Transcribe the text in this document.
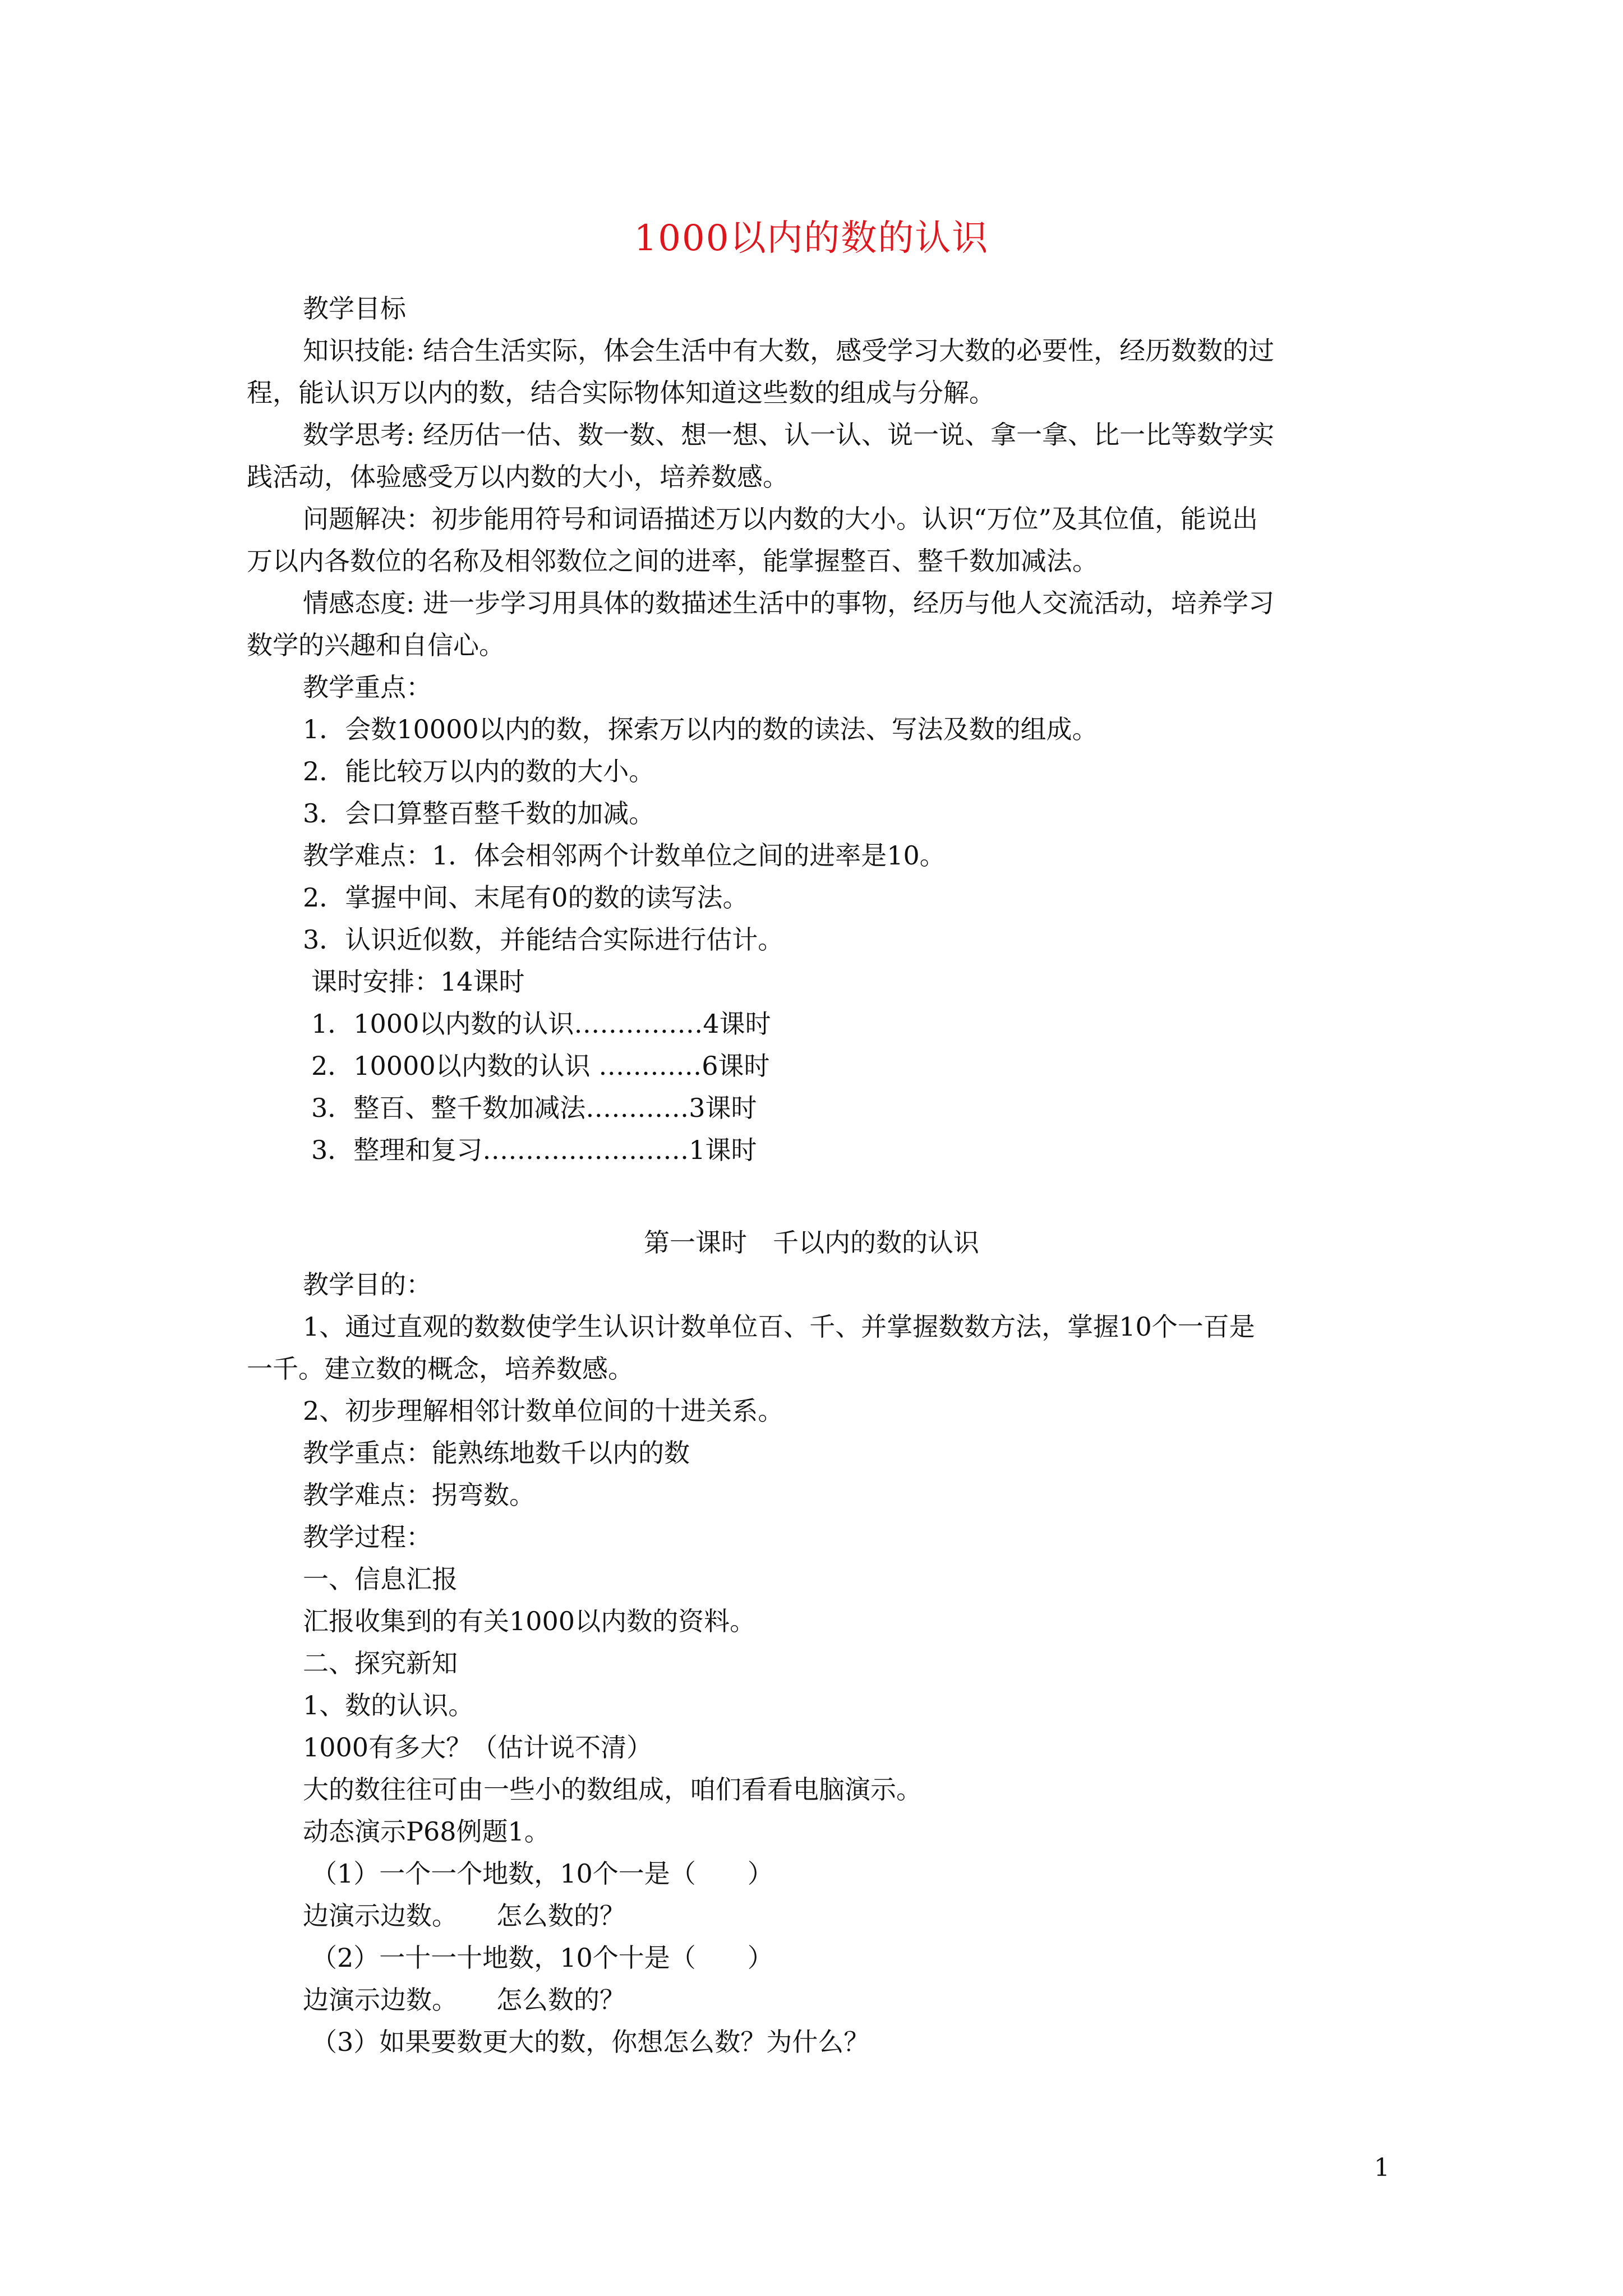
1000以内的数的认识
教学目标
知识技能: 结合生活实际，体会生活中有大数，感受学习大数的必要性，经历数数的过
程，能认识万以内的数，结合实际物体知道这些数的组成与分解。
数学思考: 经历估一估、数一数、想一想、认一认、说一说、拿一拿、比一比等数学实
践活动，体验感受万以内数的大小，培养数感。
问题解决：初步能用符号和词语描述万以内数的大小。认识“万位”及其位值，能说出
万以内各数位的名称及相邻数位之间的进率，能掌握整百、整千数加减法。
情感态度: 进一步学习用具体的数描述生活中的事物，经历与他人交流活动，培养学习
数学的兴趣和自信心。
教学重点：
1．会数10000以内的数，探索万以内的数的读法、写法及数的组成。
2．能比较万以内的数的大小。
3．会口算整百整千数的加减。
教学难点：1．体会相邻两个计数单位之间的进率是10。
2．掌握中间、末尾有0的数的读写法。
3．认识近似数，并能结合实际进行估计。
课时安排：14课时
1．1000以内数的认识……………4课时
2．10000以内数的认识 …………6课时
3．整百、整千数加减法…………3课时
3．整理和复习……………………1课时
第一课时　千以内的数的认识
教学目的：
1、通过直观的数数使学生认识计数单位百、千、并掌握数数方法，掌握10个一百是
一千。建立数的概念，培养数感。
2、初步理解相邻计数单位间的十进关系。
教学重点：能熟练地数千以内的数
教学难点：拐弯数。
教学过程：
一、信息汇报
汇报收集到的有关1000以内数的资料。
二、探究新知
1、数的认识。
1000有多大？（估计说不清）
大的数往往可由一些小的数组成，咱们看看电脑演示。
动态演示P68例题1。
（1）一个一个地数，10个一是（　　）
边演示边数。　　怎么数的？
（2）一十一十地数，10个十是（　　）
边演示边数。　　怎么数的？
（3）如果要数更大的数，你想怎么数？为什么？
1
